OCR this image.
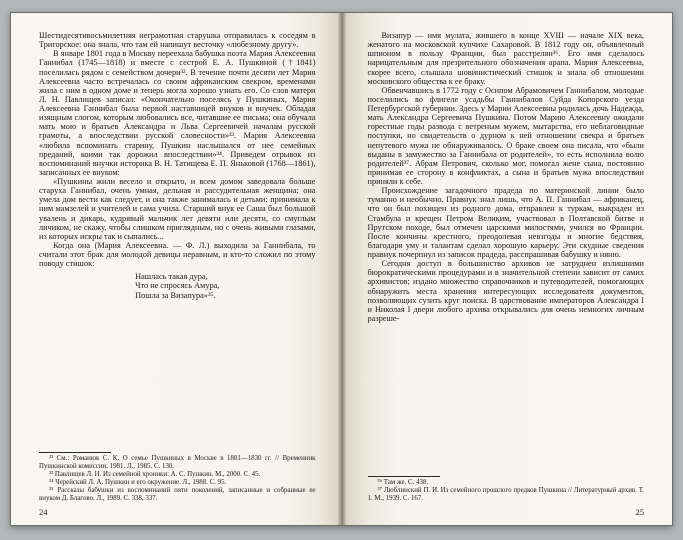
Шестидесятивосьмилетняя неграмотная старушка отправилась к соседям в Тригорское: она знала, что там ей напишут весточку «любезному другу».

В январе 1801 года в Москву переехала бабушка поэта Мария Алексеевна Ганнибал (1745—1818) и вместе с сестрой Е. А. Пушкиной (†1841) поселилась рядом с семейством дочери³². В течение почти десяти лет Мария Алексеевна часто встречалась со своим африканским свекром, временами жила с ним в одном доме и теперь могла хорошо узнать его. Со слов матери Л. Н. Павлищев записал: «Окончательно поселясь у Пушкиных, Мария Алексеевна Ганнибал была первой наставницей внуков и внучек. Обладая изящным слогом, которым любовались все, читавшие ее письма; она обучала мать мою и братьев Александра и Льва Сергеевичей началам русской грамоты, а впоследствии русской словесности»³³. Мария Алексеевна «любила вспоминать старину, Пушкин наслышался от нее семейных преданий, коими так дорожил впоследствии»³⁴. Приведем отрывок из воспоминаний внучки историка В. Н. Татищева Е. П. Яньковой (1768—1861), записанных ее внуком:

«Пушкины жили весело и открыто, и всем домом заведовала больше старуха Ганнибал, очень умная, дельная и рассудительная женщина; она умела дом вести как следует, и она также занималась и детьми: принимала к ним мамзелей и учителей и сама учила. Старший внук ее Саша был большой увалень и дикарь, кудрявый мальчик лет девяти или десяти, со смуглым личиком, не скажу, чтобы слишком приглядным, но с очень живыми глазами, из которых искры так и сыпались...

Когда она (Мария Алексеевна. — Ф. Л.) выходила за Ганнибала, то считали этот брак для молодой девицы неравным, и кто-то сложил по этому поводу стишок:

Нашлась такая дура,
Что не спросясь Амура,
Пошла за Визапура»³⁵.

³² См.: Романюк С. К. О семье Пушкиных в Москве в 1801—1830 гг. // Временник Пушкинской комиссии. 1981. Л., 1985. С. 130.

³³ Павлищев Л. Н. Из семейной хроники: А. С. Пушкин. М., 2000. С. 45.

³⁴ Черейский Л. А. Пушкин и его окружение. Л., 1988. С. 95.

³⁵ Рассказы бабушки из воспоминаний пяти поколений, записанные и собранные ее внуком Д. Благово. Л., 1989. С. 338, 337.

24

Визапур — имя мулата, жившего в конце XVIII — начале XIX века, женатого на московской купчихе Сахаровой. В 1812 году он, объявленный шпионом в пользу Франции, был расстрелян³⁶. Его имя сделалось нарицательным для презрительного обозначения арапа. Мария Алексеевна, скорее всего, слышала шовинистический стишок и знала об отношении московского общества к ее браку.

Обвенчавшись в 1772 году с Осипом Абрамовичем Ганнибалом, молодые поселились во флигеле усадьбы Ганнибалов Суйда Копорского уезда Петербургской губернии. Здесь у Марии Алексеевны родилась дочь Надежда, мать Александра Сергеевича Пушкина. Потом Марию Алексеевну ожидали горестные годы развода с ветреным мужем, мытарства, его неблаговидные поступки, но свидетельств о дурном к ней отношении свекра и братьев непутевого мужа не обнаруживалось. О браке своем она писала, что «были выданы в замужество за Ганнибала от родителей», то есть исполнила волю родителей³⁷. Абрам Петрович, сколько мог, помогал жене сына, постоянно принимая ее сторону в конфликтах, а сына и братьев мужа впоследствии приняли к себе.

Происхождение загадочного прадеда по материнской линии было туманно и необычно. Правнук знал лишь, что А. П. Ганнибал — африканец, что он был похищен из родного дома, отправлен к туркам, выкраден из Стамбула и крещен Петром Великим, участвовал в Полтавской битве и Прутском походе, был отмечен царскими милостями, учился во Франции. После кончины крестного, преодолевая невзгоды и многие бедствия, благодаря уму и талантам сделал хорошую карьеру. Эти скудные сведения правнук почерпнул из записок прадеда, расспрашивая бабушку и няню.

Сегодня доступ в большинство архивов не затруднен излишними бюрократическими процедурами и в значительной степени зависит от самих архивистов; издано множество справочников и путеводителей, помогающих обнаружить места хранения интересующих исследователя документов, позволяющих сузить круг поиска. В царствование императоров Александра I и Николая I двери любого архива открывались для очень немногих личным разреше-

³⁶ Там же. С. 438.

³⁷ Люблинский П. И. Из семейного прошлого предков Пушкина // Литературный архив. Т. 1. М., 1939. С. 167.

25
